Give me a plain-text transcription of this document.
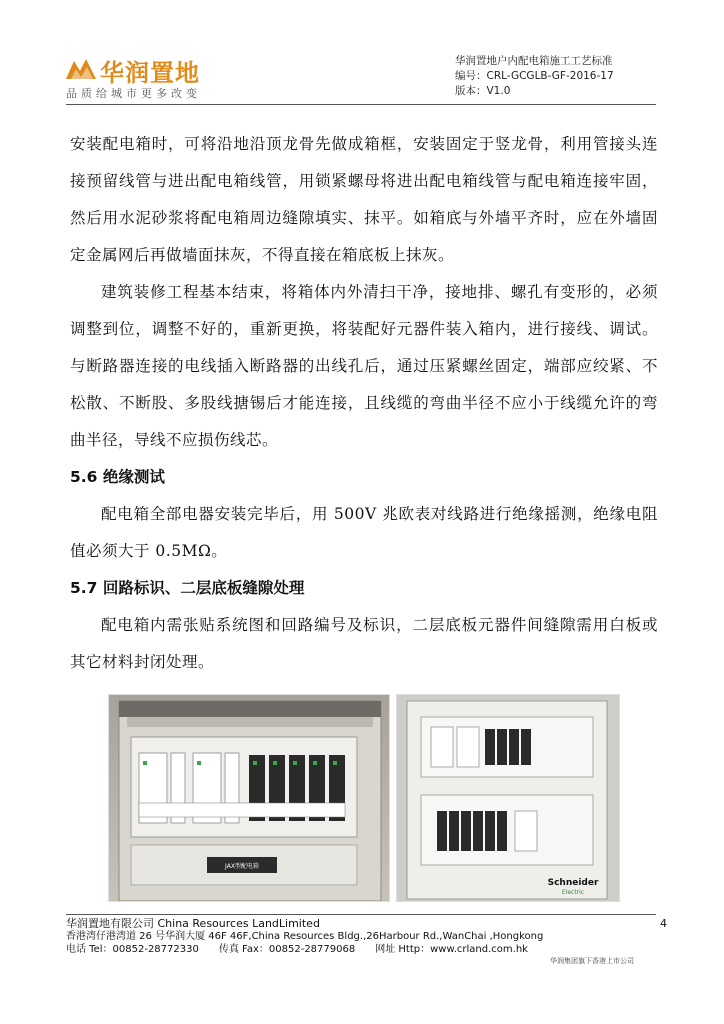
华润置地
品质给城市更多改变
华润置地户内配电箱施工工艺标准
编号：CRL-GCGLB-GF-2016-17
版本：V1.0

安装配电箱时，可将沿地沿顶龙骨先做成箱框，安装固定于竖龙骨，利用管接头连接预留线管与进出配电箱线管，用锁紧螺母将进出配电箱线管与配电箱连接牢固，然后用水泥砂浆将配电箱周边缝隙填实、抹平。如箱底与外墙平齐时，应在外墙固定金属网后再做墙面抹灰，不得直接在箱底板上抹灰。

建筑装修工程基本结束，将箱体内外清扫干净，接地排、螺孔有变形的，必须调整到位，调整不好的，重新更换，将装配好元器件装入箱内，进行接线、调试。与断路器连接的电线插入断路器的出线孔后，通过压紧螺丝固定，端部应绞紧、不松散、不断股、多股线搪锡后才能连接，且线缆的弯曲半径不应小于线缆允许的弯曲半径，导线不应损伤线芯。

5.6 绝缘测试

配电箱全部电器安装完毕后，用 500V 兆欧表对线路进行绝缘摇测，绝缘电阻值必须大于 0.5MΩ。

5.7 回路标识、二层底板缝隙处理

配电箱内需张贴系统图和回路编号及标识，二层底板元器件间缝隙需用白板或其它材料封闭处理。

JAX型配电箱
Schneider
Electric
华润置地有限公司 China Resources LandLimited
香港湾仔港湾道 26 号华润大厦 46F 46F,China Resources Bldg.,26Harbour Rd.,WanChai ,Hongkong
电话 Tel：00852-28772330　　传真 Fax：00852-28779068　　网址 Http：www.crland.com.hk
4
华润集团旗下香港上市公司
